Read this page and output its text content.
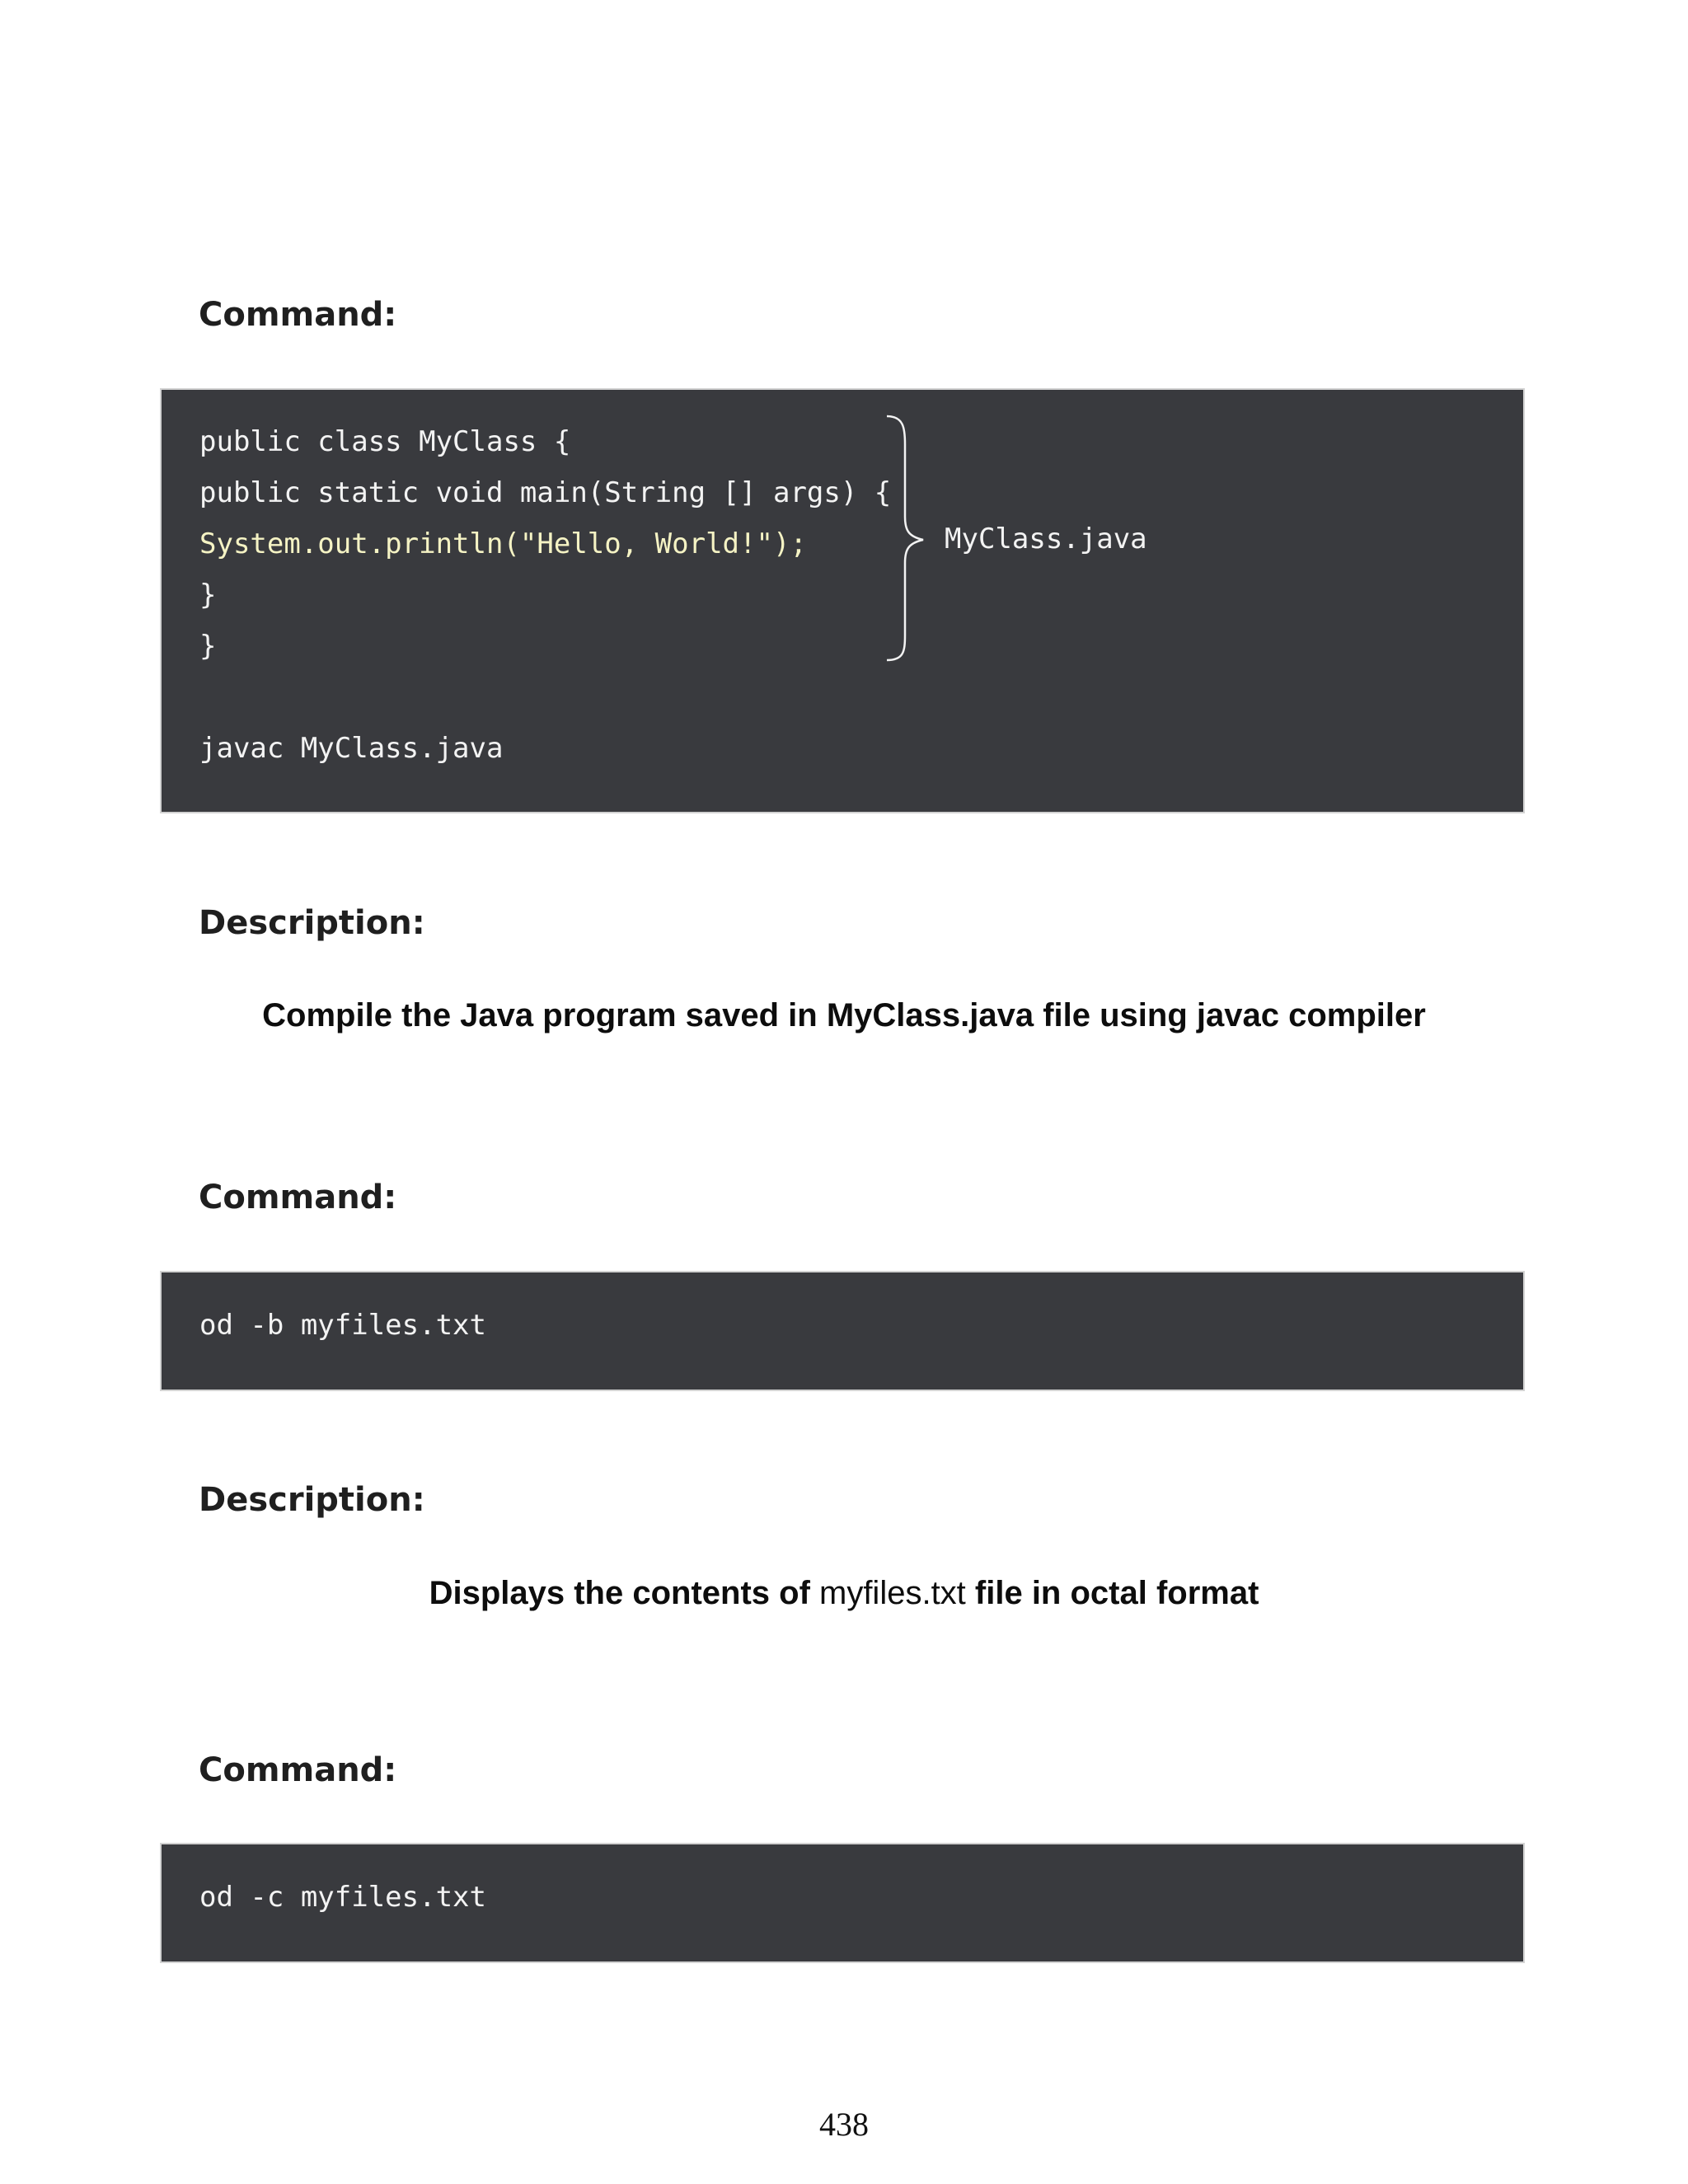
Command:
public class MyClass {
public static void main(String [] args) {
System.out.println("Hello, World!");
}
}
MyClass.java
javac MyClass.java
Description:

Compile the Java program saved in MyClass.java file using javac compiler

Command:
od -b myfiles.txt
Description:

Displays the contents of myfiles.txt file in octal format

Command:
od -c myfiles.txt
438
